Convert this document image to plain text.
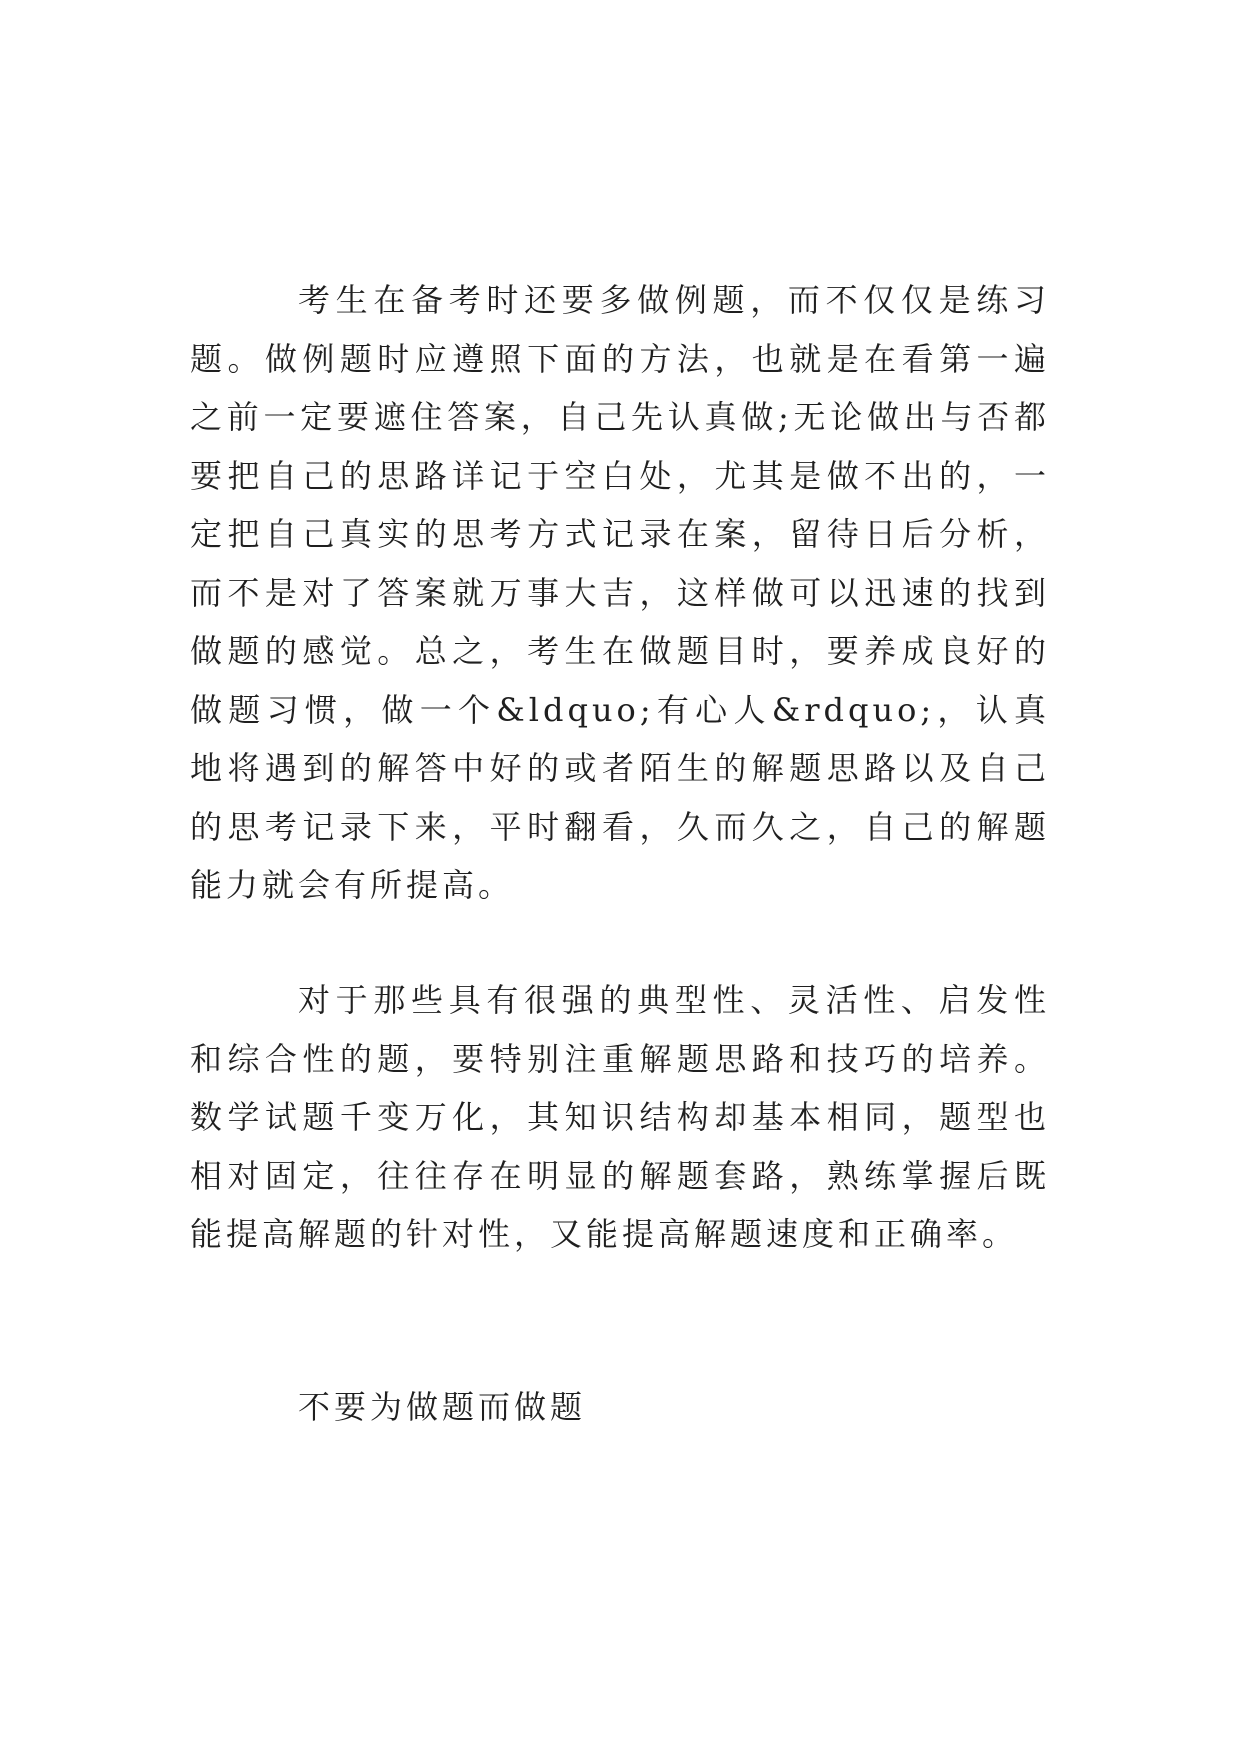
考生在备考时还要多做例题，而不仅仅是练习题。做例题时应遵照下面的方法，也就是在看第一遍之前一定要遮住答案，自己先认真做;无论做出与否都要把自己的思路详记于空白处，尤其是做不出的，一定把自己真实的思考方式记录在案，留待日后分析，而不是对了答案就万事大吉，这样做可以迅速的找到做题的感觉。总之，考生在做题目时，要养成良好的做题习惯，做一个&ldquo;有心人&rdquo;，认真地将遇到的解答中好的或者陌生的解题思路以及自己的思考记录下来，平时翻看，久而久之，自己的解题能力就会有所提高。

对于那些具有很强的典型性、灵活性、启发性和综合性的题，要特别注重解题思路和技巧的培养。数学试题千变万化，其知识结构却基本相同，题型也相对固定，往往存在明显的解题套路，熟练掌握后既能提高解题的针对性，又能提高解题速度和正确率。

不要为做题而做题
